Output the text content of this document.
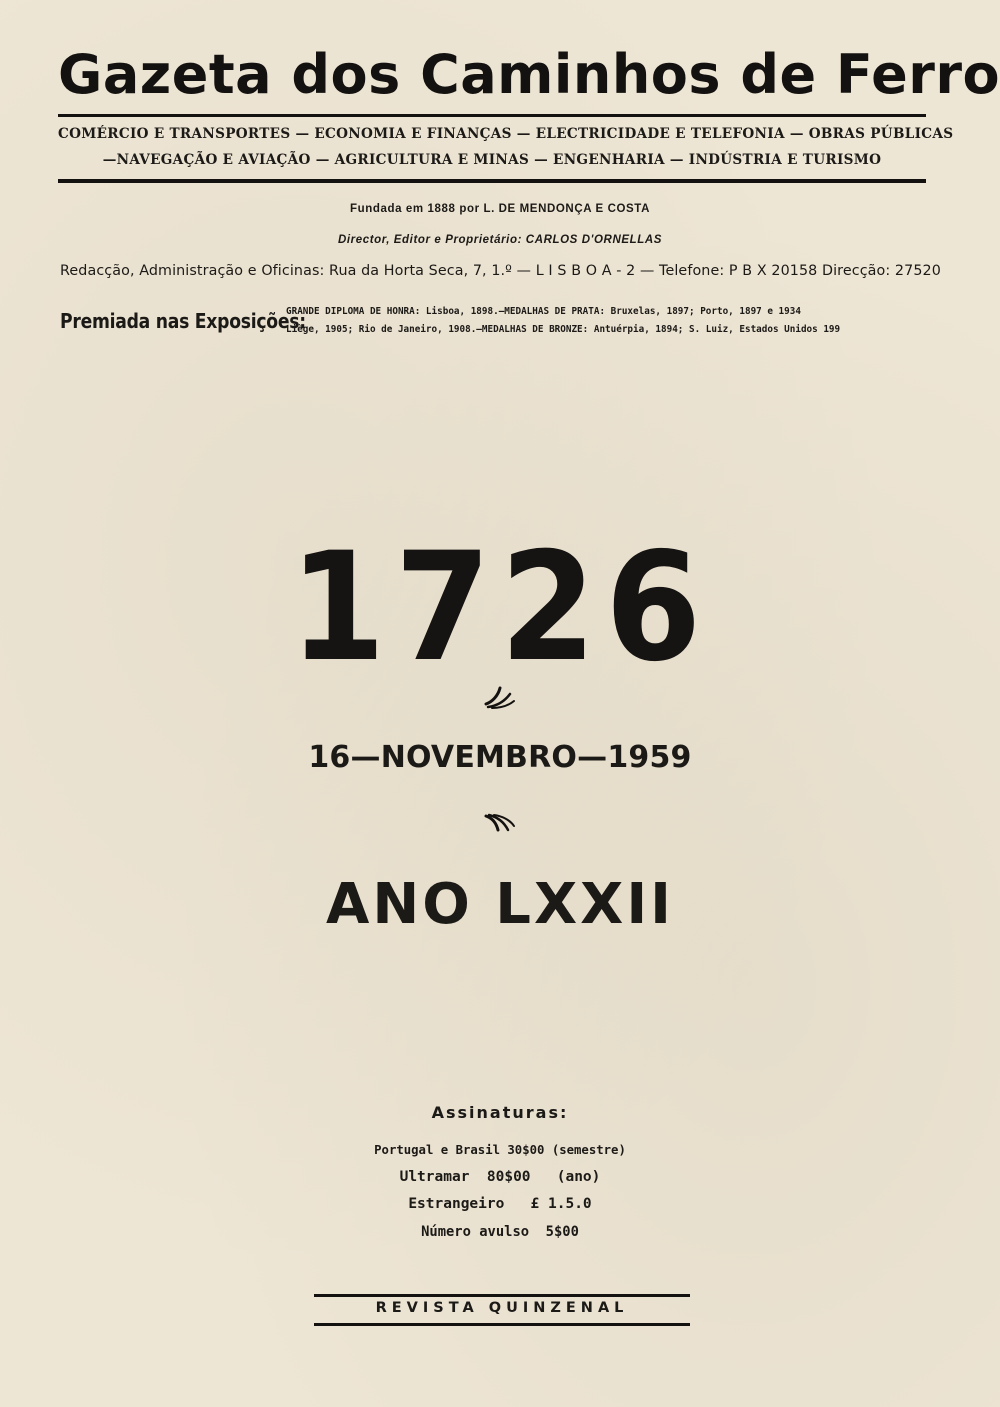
Gazeta dos Caminhos de Ferro
COMÉRCIO E TRANSPORTES — ECONOMIA E FINANÇAS — ELECTRICIDADE E TELEFONIA — OBRAS PÚBLICAS
—NAVEGAÇÃO E AVIAÇÃO — AGRICULTURA E MINAS — ENGENHARIA — INDÚSTRIA E TURISMO
Fundada em 1888 por L. DE MENDONÇA E COSTA
Director, Editor e Proprietário: CARLOS D'ORNELLAS
Redacção, Administração e Oficinas: Rua da Horta Seca, 7, 1.º — L I S B O A - 2 — Telefone: P B X 20158 Direcção: 27520
Premiada nas Exposições:
GRANDE DIPLOMA DE HONRA: Lisboa, 1898.—MEDALHAS DE PRATA: Bruxelas, 1897; Porto, 1897 e 1934
Liège, 1905; Rio de Janeiro, 1908.—MEDALHAS DE BRONZE: Antuérpia, 1894; S. Luiz, Estados Unidos 199
1726
16—NOVEMBRO—1959
ANO LXXII
Assinaturas:
Portugal e Brasil 30$00 (semestre)
Ultramar  80$00   (ano)
Estrangeiro   £ 1.5.0
Número avulso  5$00
REVISTA QUINZENAL
